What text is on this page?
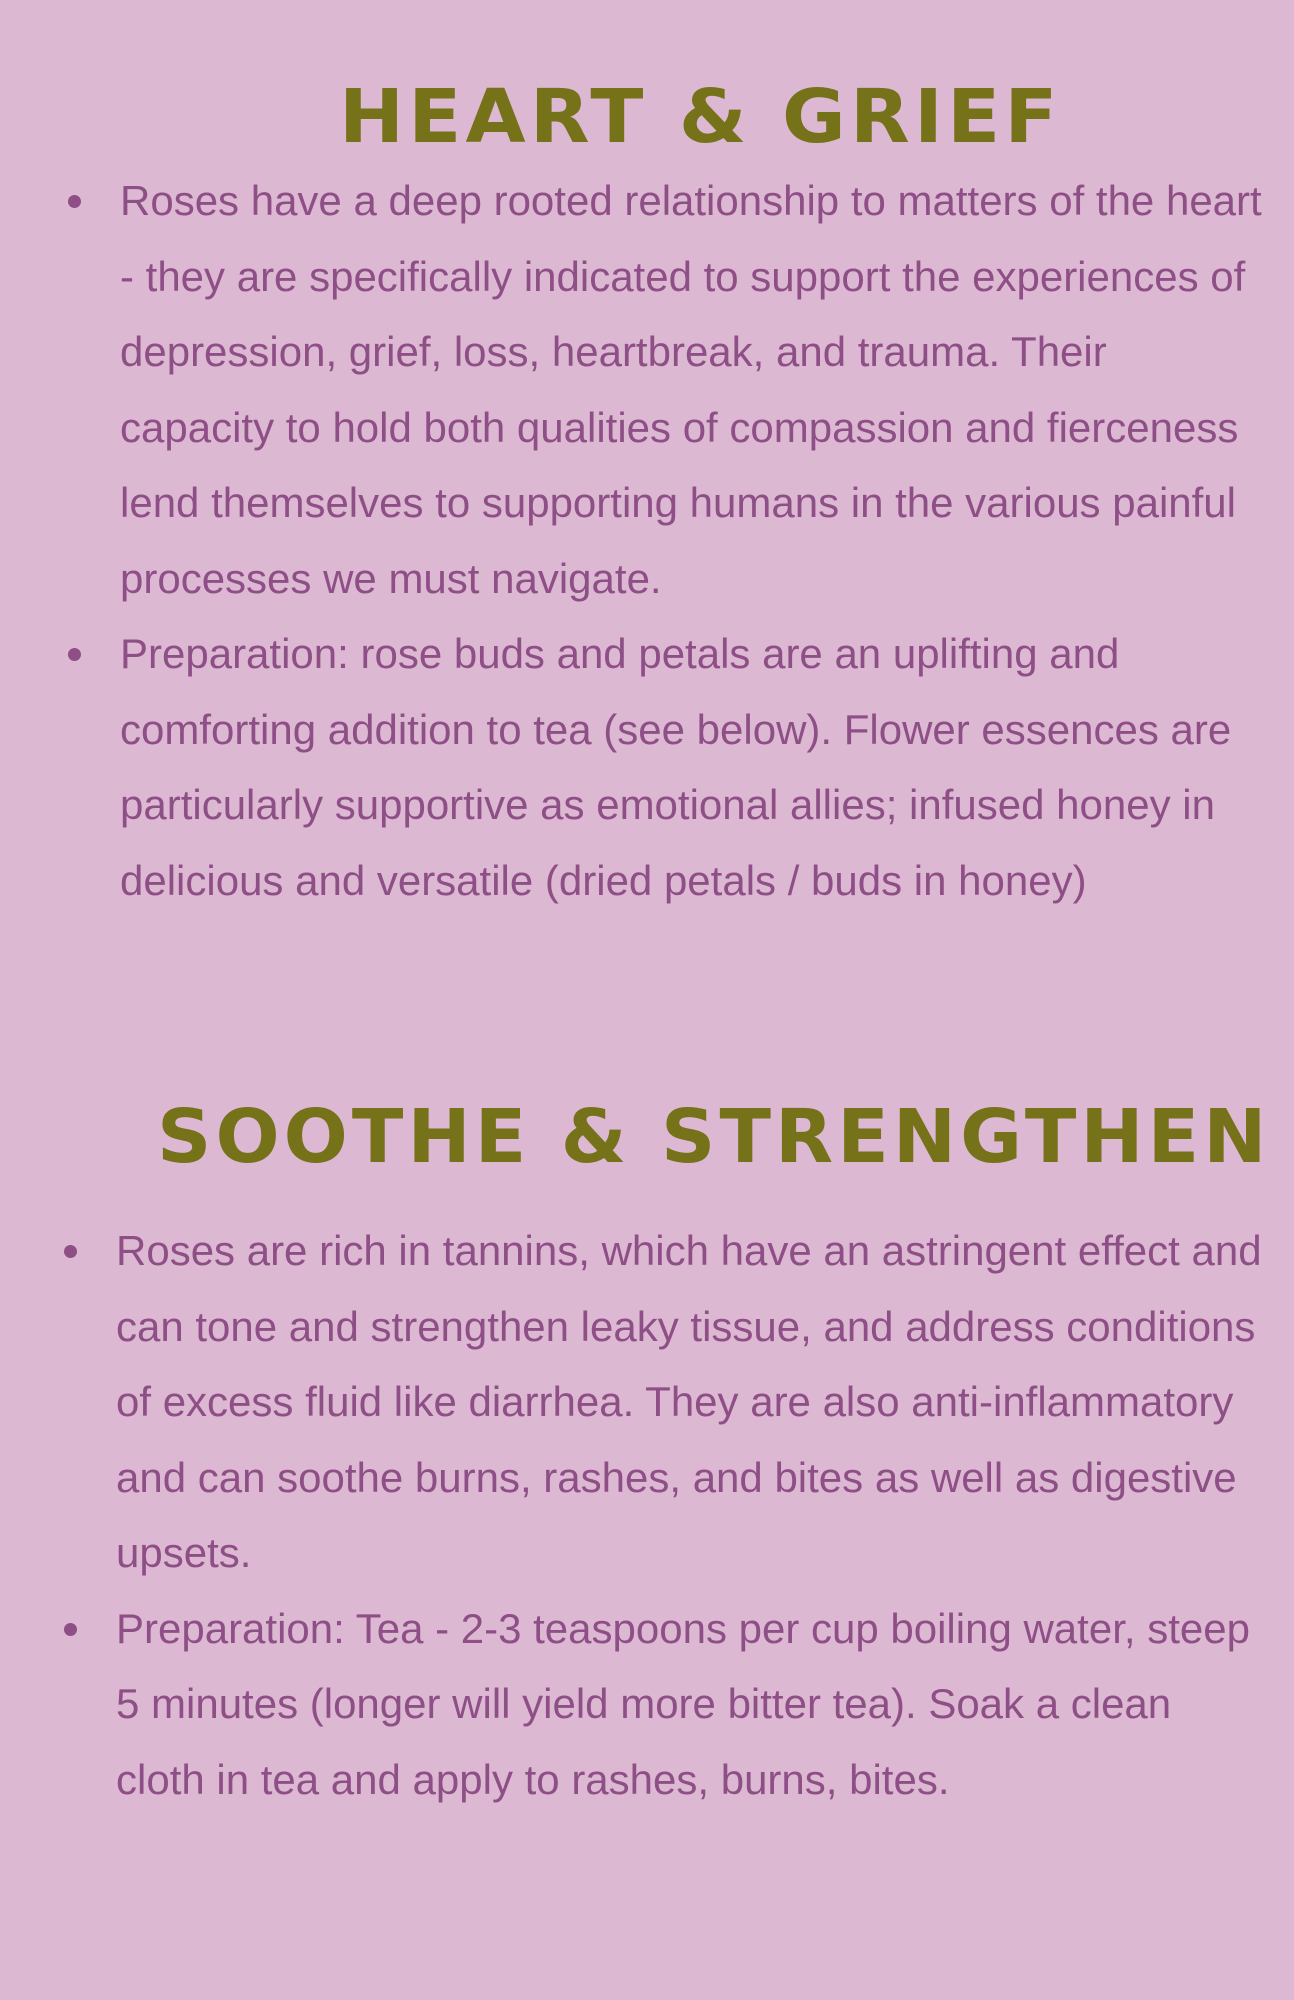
HEART & GRIEF
Roses have a deep rooted relationship to matters of the heart - they are specifically indicated to support the experiences of depression, grief, loss, heartbreak, and trauma. Their capacity to hold both qualities of compassion and fierceness lend themselves to supporting humans in the various painful processes we must navigate.
Preparation: rose buds and petals are an uplifting and comforting addition to tea (see below). Flower essences are particularly supportive as emotional allies; infused honey in delicious and versatile (dried petals / buds in honey)
SOOTHE & STRENGTHEN
Roses are rich in tannins, which have an astringent effect and can tone and strengthen leaky tissue, and address conditions of excess fluid like diarrhea. They are also anti-inflammatory and can soothe burns, rashes, and bites as well as digestive upsets.
Preparation: Tea - 2-3 teaspoons per cup boiling water, steep 5 minutes (longer will yield more bitter tea). Soak a clean cloth in tea and apply to rashes, burns, bites.
